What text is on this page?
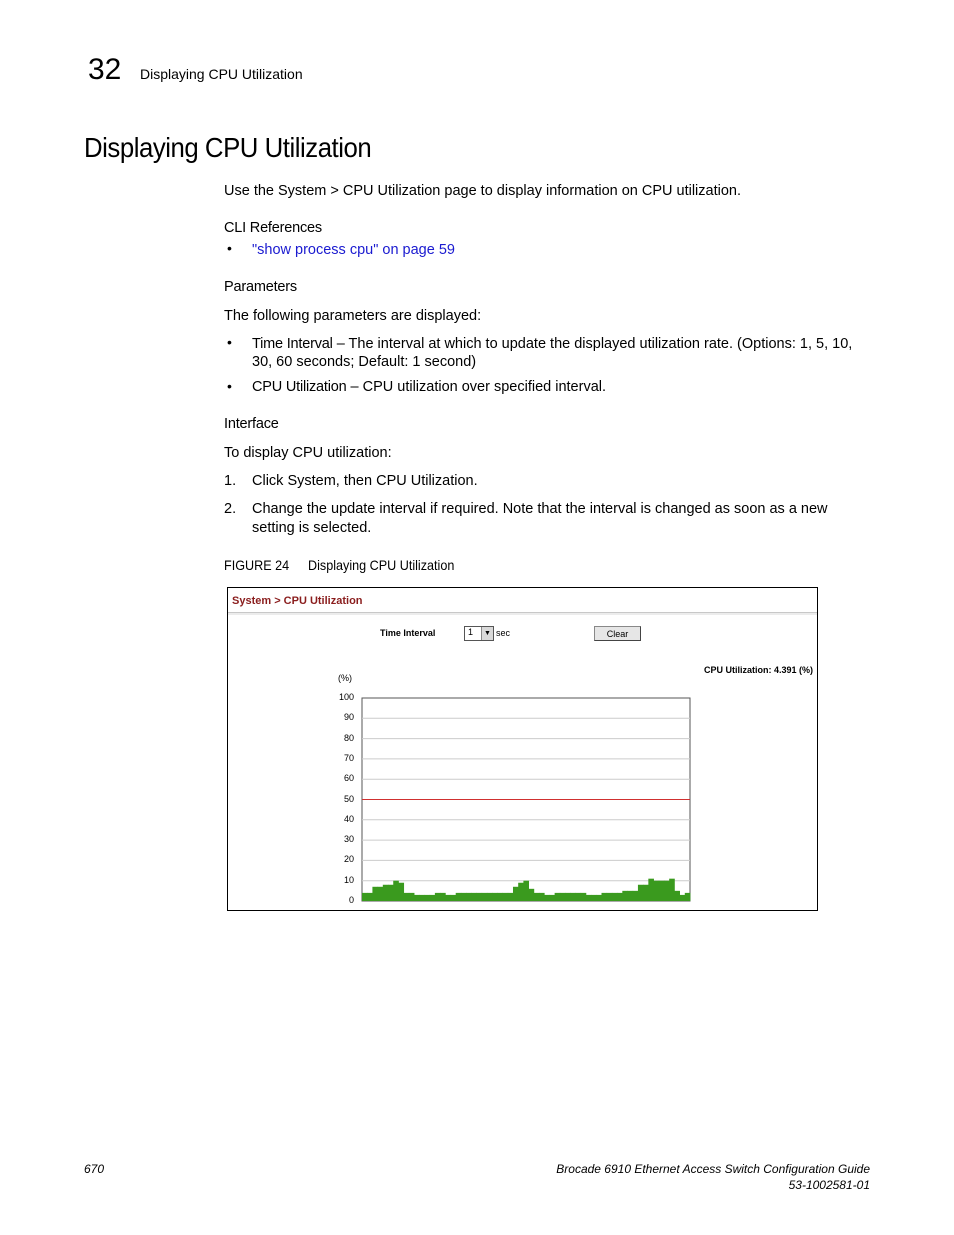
32 Displaying CPU Utilization
Displaying CPU Utilization
Use the System > CPU Utilization page to display information on CPU utilization.
CLI References
• "show process cpu" on page 59
Parameters
The following parameters are displayed:
• Time Interval – The interval at which to update the displayed utilization rate. (Options: 1, 5, 10,
30, 60 seconds; Default: 1 second)
• CPU Utilization – CPU utilization over specified interval.
Interface
To display CPU utilization:
1. Click System, then CPU Utilization.
2. Change the update interval if required. Note that the interval is changed as soon as a new
setting is selected.
FIGURE 24 Displaying CPU Utilization
System > CPU Utilization
Time Interval	1	▼ sec	Clear
CPU Utilization: 4.391 (%)
(%)
0
10
20
30
40
50
60
70
80
90
100
670	Brocade 6910 Ethernet Access Switch Configuration Guide
53-1002581-01
